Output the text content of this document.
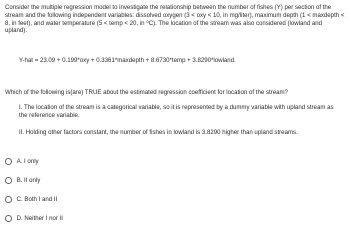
Consider the multiple regression model to investigate the relationship between the number of fishes (Y) per section of the stream and the following independent variables: dissolved oxygen (3 < oxy < 10, in mg/liter), maximum depth (1 < maxdepth < 8, in feet), and water temperature (5 < temp < 20, in $^o$C). The location of the stream was also considered (lowland and upland).

Y-hat = 23.09 + 0.199*oxy + 0.3361*maxdepth + 8.6730*temp + 3.8290*lowland.

Which of the following is(are) TRUE about the estimated regression coefficient for location of the stream?

I. The location of the stream is a categorical variable, so it is represented by a dummy variable with upland stream as the reference variable.

II. Holding other factors constant, the number of fishes in lowland is 3.8290 higher than upland streams.

A. I only
B. II only
C. Both I and II
D. Neither I nor II
